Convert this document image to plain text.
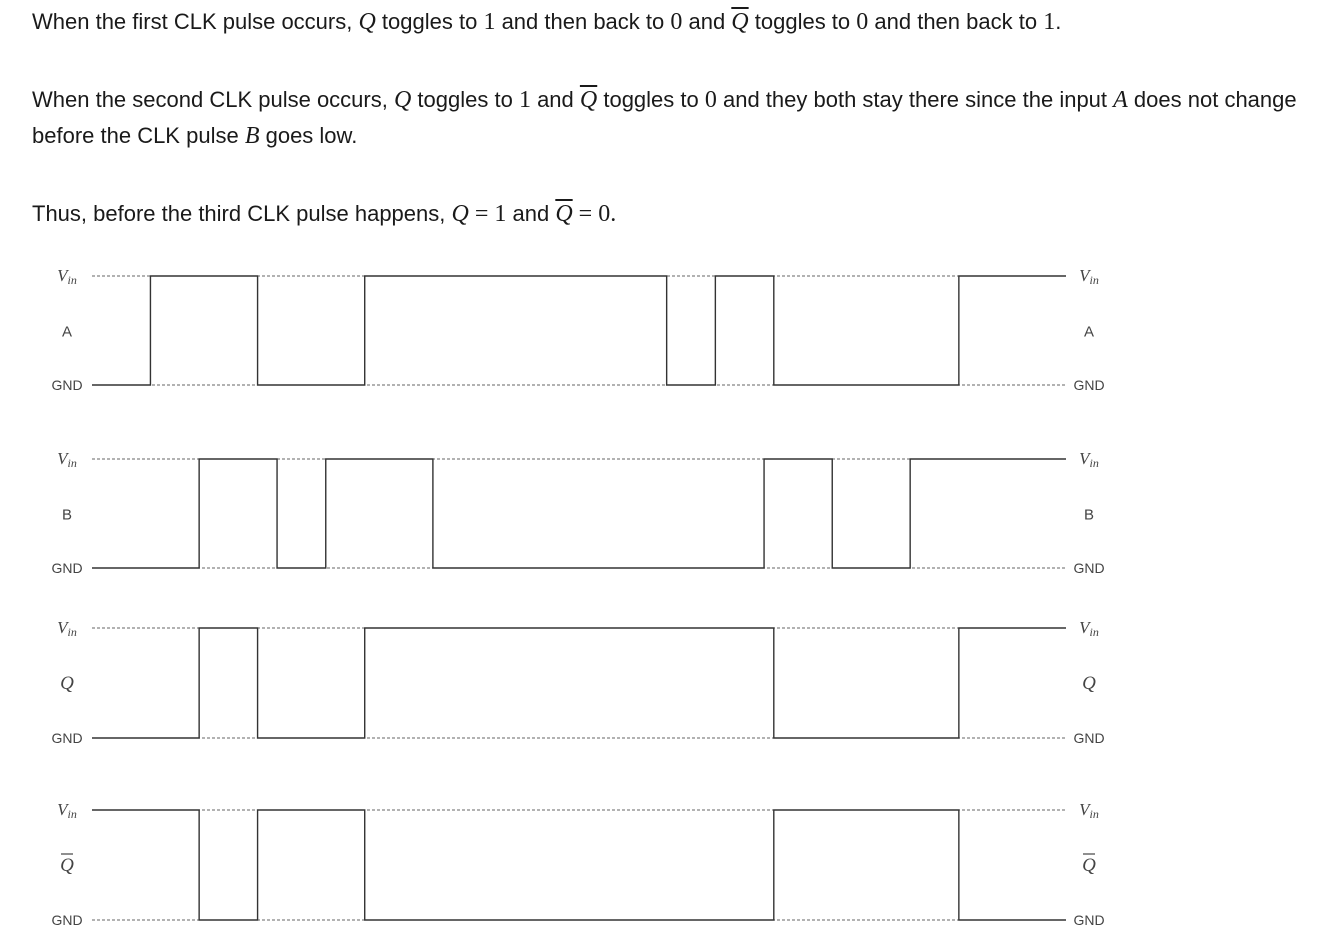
When the first CLK pulse occurs, Q toggles to 1 and then back to 0 and $\overline{Q}$ toggles to 0 and then back to 1.

When the second CLK pulse occurs, Q toggles to 1 and $\overline{Q}$ toggles to 0 and they both stay there since the input A does not change before the CLK pulse B goes low.

Thus, before the third CLK pulse happens, Q = 1 and $\overline{Q} = 0$.

Vin
A
GND
Vin
A
GND
Vin
B
GND
Vin
B
GND
Vin
Q
GND
Vin
Q
GND
Vin
Q
GND
Vin
Q
GND
